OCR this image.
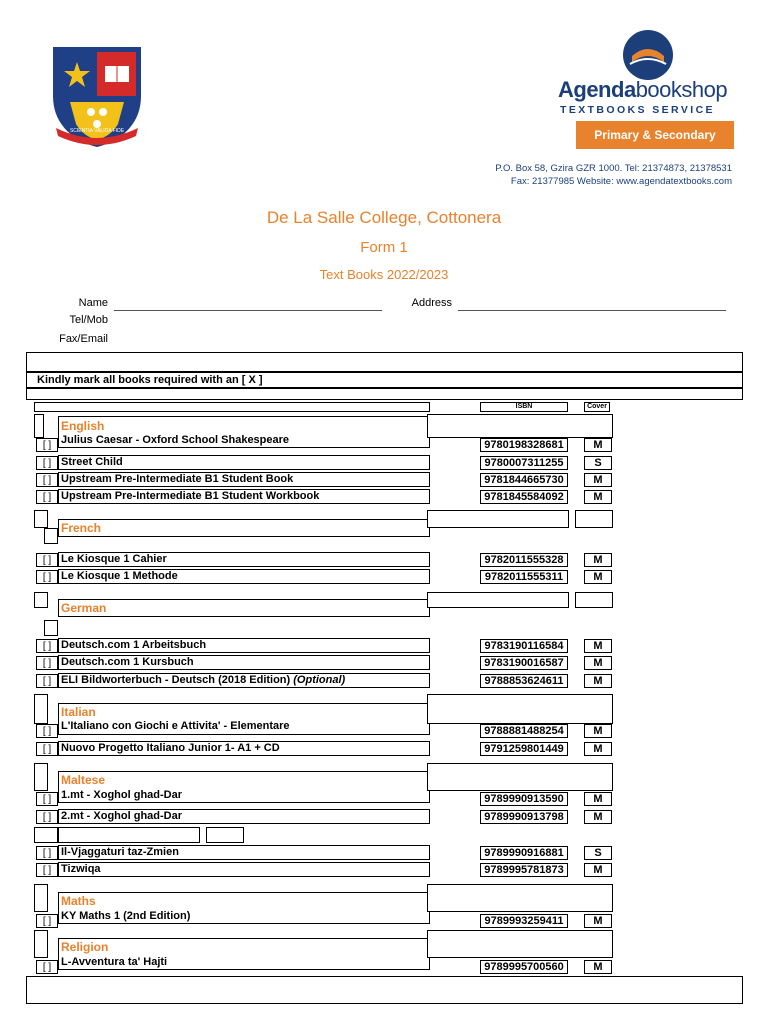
SCIENTIA VALIDA FIDE
Agendabookshop
TEXTBOOKS SERVICE
Primary & Secondary
P.O. Box 58, Gzira GZR 1000. Tel: 21374873, 21378531
Fax: 21377985 Website: www.agendatextbooks.com
De La Salle College, Cottonera
Form 1
Text Books 2022/2023
Name	Address
Tel/Mob
Fax/Email
Kindly mark all books required with an [ X ]
ISBN	Cover
English
[ ] Julius Caesar - Oxford School Shakespeare	9780198328681	M
[ ] Street Child	9780007311255	S
[ ] Upstream Pre-Intermediate B1 Student Book	9781844665730	M
[ ] Upstream Pre-Intermediate B1 Student Workbook	9781845584092	M
French
[ ] Le Kiosque 1 Cahier	9782011555328	M
[ ] Le Kiosque 1 Methode	9782011555311	M
German
[ ] Deutsch.com 1 Arbeitsbuch	9783190116584	M
[ ] Deutsch.com 1 Kursbuch	9783190016587	M
[ ] ELI Bildworterbuch - Deutsch (2018 Edition) (Optional)	9788853624611	M
Italian
[ ] L'Italiano con Giochi e Attivita' - Elementare	9788881488254	M
[ ] Nuovo Progetto Italiano Junior 1- A1 + CD	9791259801449	M
Maltese
[ ] 1.mt - Xoghol ghad-Dar	9789990913590	M
[ ] 2.mt - Xoghol ghad-Dar	9789990913798	M
[ ] Il-Vjaggaturi taz-Zmien	9789990916881	S
[ ] Tizwiqa	9789995781873	M
Maths
[ ] KY Maths 1 (2nd Edition)	9789993259411	M
Religion
[ ] L-Avventura ta' Hajti	9789995700560	M
